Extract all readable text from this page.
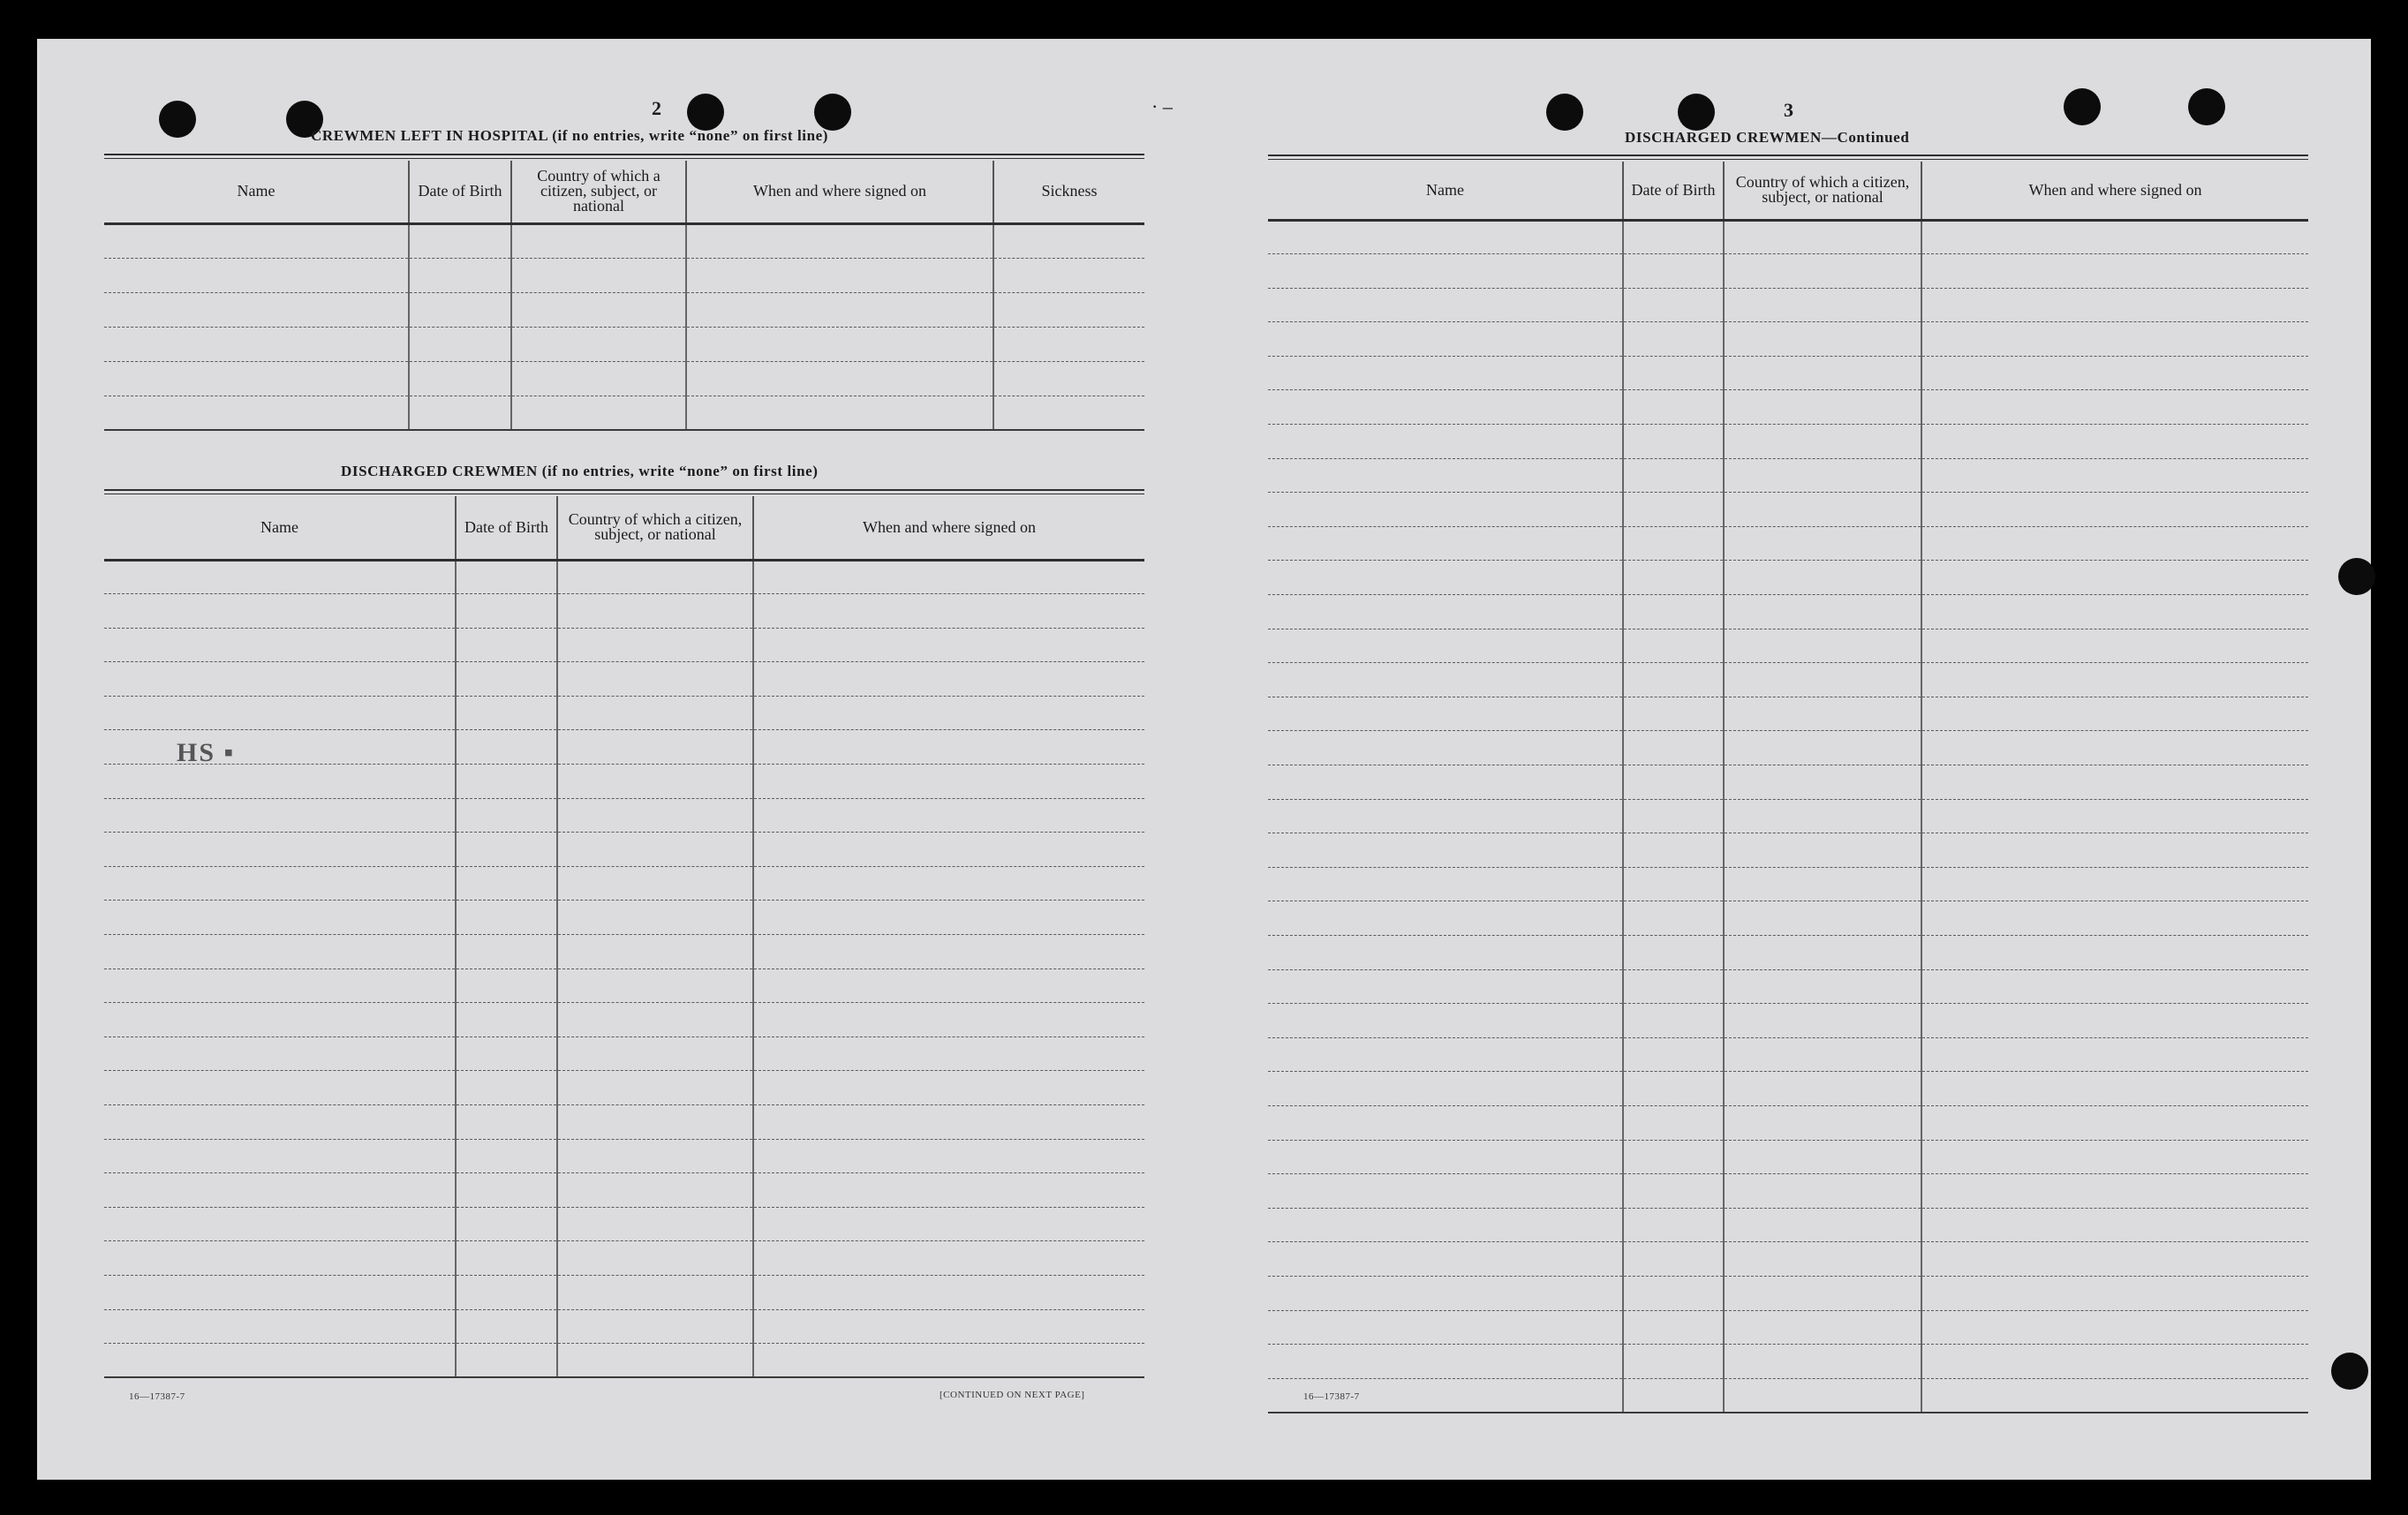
· –
2
CREWMEN LEFT IN HOSPITAL (if no entries, write “none” on first line)
Name	Date of Birth	Country of which a citizen, subject, or national	When and where signed on	Sickness

DISCHARGED CREWMEN (if no entries, write “none” on first line)
Name	Date of Birth	Country of which a citizen, subject, or national	When and where signed on

HS ▪
16—17387-7	[CONTINUED ON NEXT PAGE]
3
DISCHARGED CREWMEN—Continued
Name	Date of Birth	Country of which a citizen, subject, or national	When and where signed on

16—17387-7
